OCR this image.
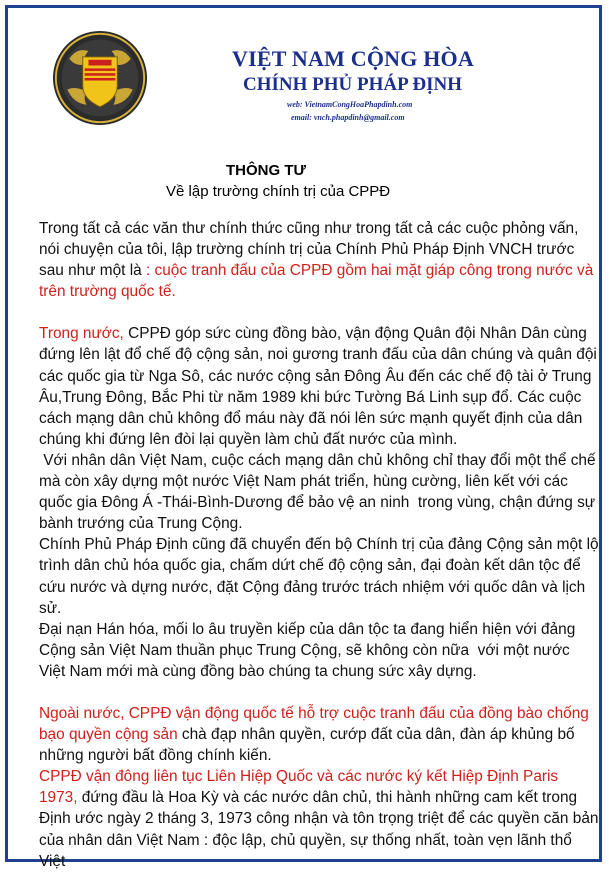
VIỆT NAM CỘNG HÒA
CHÍNH PHỦ PHÁP ĐỊNH
web: VietnamCongHoaPhapdinh.com
email: vnch.phapdinh@gmail.com
THÔNG TƯ
Về lập trường chính trị của CPPĐ

Trong tất cả các văn thư chính thức cũng như trong tất cả các cuộc phỏng vấn, nói chuyện của tôi, lập trường chính trị của Chính Phủ Pháp Định VNCH trước sau như một là : cuộc tranh đấu của CPPĐ gồm hai mặt giáp công trong nước và trên trường quốc tế.

Trong nước, CPPĐ góp sức cùng đồng bào, vận động Quân đội Nhân Dân cùng đứng lên lật đổ chế độ cộng sản, noi gương tranh đấu của dân chúng và quân đội các quốc gia từ Nga Sô, các nước cộng sản Đông Âu đến các chế độ tài ở Trung Âu,Trung Đông, Bắc Phi từ năm 1989 khi bức Tường Bá Linh sụp đổ. Các cuộc cách mạng dân chủ không đổ máu này đã nói lên sức mạnh quyết định của dân chúng khi đứng lên đòi lại quyền làm chủ đất nước của mình.

Với nhân dân Việt Nam, cuộc cách mạng dân chủ không chỉ thay đổi một thể chế mà còn xây dựng một nước Việt Nam phát triển, hùng cường, liên kết với các quốc gia Đông Á -Thái-Bình-Dương để bảo vệ an ninh  trong vùng, chận đứng sự bành trướng của Trung Cộng.

Chính Phủ Pháp Định cũng đã chuyển đến bộ Chính trị của đảng Cộng sản một lộ trình dân chủ hóa quốc gia, chấm dứt chế độ cộng sản, đại đoàn kết dân tộc để cứu nước và dựng nước, đặt Cộng đảng trước trách nhiệm với quốc dân và lịch sử.

Đại nạn Hán hóa, mối lo âu truyền kiếp của dân tộc ta đang hiển hiện với đảng Cộng sản Việt Nam thuần phục Trung Cộng, sẽ không còn nữa  với một nước Việt Nam mới mà cùng đồng bào chúng ta chung sức xây dựng.

Ngoài nước, CPPĐ vận động quốc tế hỗ trợ cuộc tranh đấu của đồng bào chống bạo quyền cộng sản chà đạp nhân quyền, cướp đất của dân, đàn áp khủng bố những người bất đồng chính kiến.

CPPĐ vận đông liên tục Liên Hiệp Quốc và các nước ký kết Hiệp Định Paris 1973, đứng đầu là Hoa Kỳ và các nước dân chủ, thi hành những cam kết trong Định ước ngày 2 tháng 3, 1973 công nhận và tôn trọng triệt để các quyền căn bản của nhân dân Việt Nam : độc lập, chủ quyền, sự thống nhất, toàn vẹn lãnh thổ Việt
